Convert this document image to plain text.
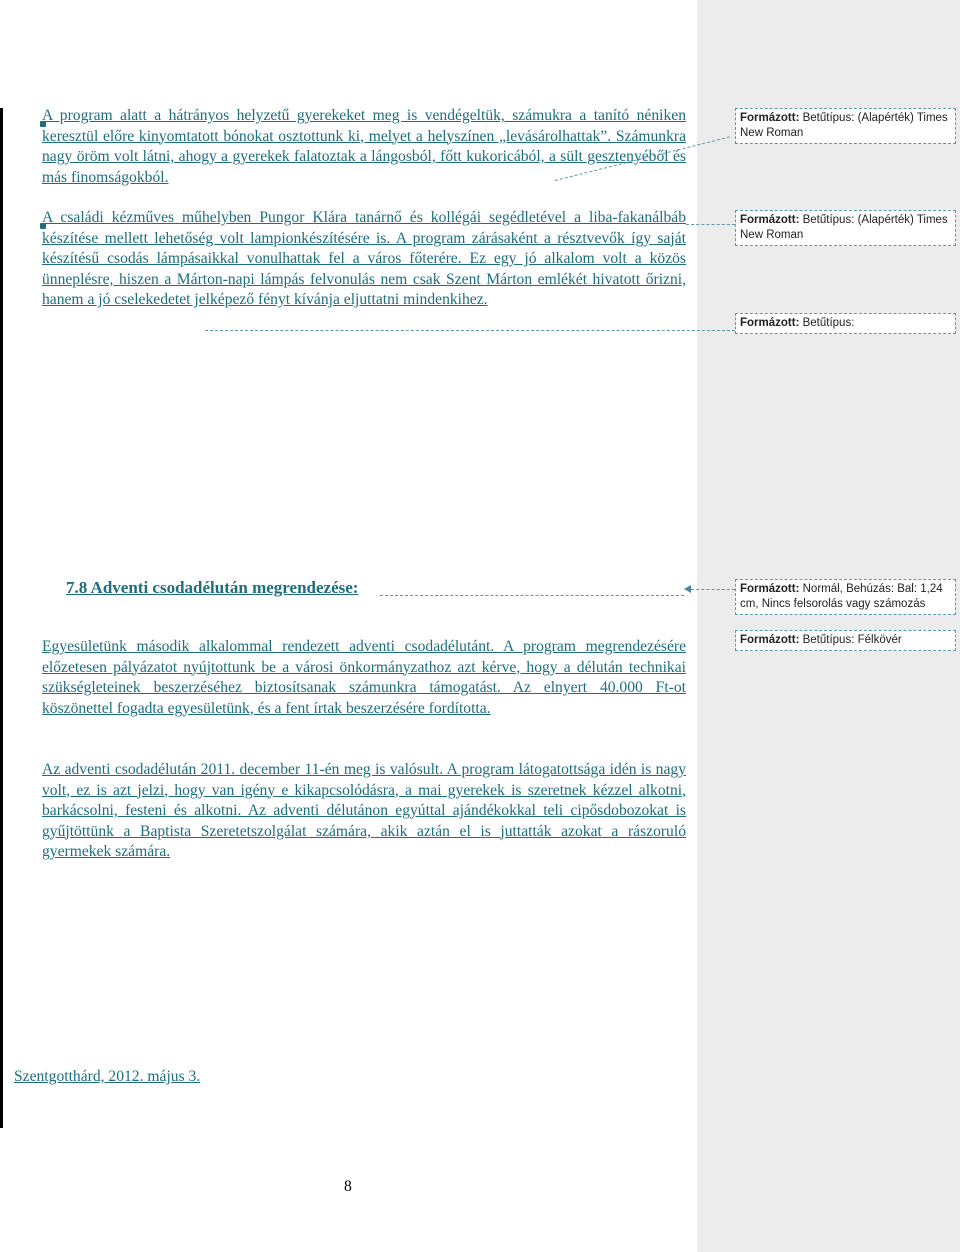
A program alatt a hátrányos helyzetű gyerekeket meg is vendégeltük, számukra a tanító néniken keresztül előre kinyomtatott bónokat osztottunk ki, melyet a helyszínen „levásárolhattak”. Számunkra nagy öröm volt látni, ahogy a gyerekek falatoztak a lángosból, főtt kukoricából, a sült gesztenyéből és más finomságokból.

A családi kézműves műhelyben Pungor Klára tanárnő és kollégái segédletével a liba-fakanálbáb készítése mellett lehetőség volt lampionkészítésére is. A program zárásaként a résztvevők így saját készítésű csodás lámpásaikkal vonulhattak fel a város főterére. Ez egy jó alkalom volt a közös ünneplésre, hiszen a Márton-napi lámpás felvonulás nem csak Szent Márton emlékét hivatott őrizni, hanem a jó cselekedetet jelképező fényt kívánja eljuttatni mindenkihez.

7.8 Adventi csodadélután megrendezése:

Egyesületünk második alkalommal rendezett adventi csodadélutánt. A program megrendezésére előzetesen pályázatot nyújtottunk be a városi önkormányzathoz azt kérve, hogy a délután technikai szükségleteinek beszerzéséhez biztosítsanak számunkra támogatást. Az elnyert 40.000 Ft-ot köszönettel fogadta egyesületünk, és a fent írtak beszerzésére fordította.

Az adventi csodadélután 2011. december 11-én meg is valósult. A program látogatottsága idén is nagy volt, ez is azt jelzi, hogy van igény e kikapcsolódásra, a mai gyerekek is szeretnek kézzel alkotni, barkácsolni, festeni és alkotni. Az adventi délutánon egyúttal ajándékokkal teli cipősdobozokat is gyűjtöttünk a Baptista Szeretetszolgálat számára, akik aztán el is juttatták azokat a rászoruló gyermekek számára.

Szentgotthárd, 2012. május 3.
8
Formázott: Betűtípus: (Alapérték) Times New Roman
Formázott: Betűtípus: (Alapérték) Times New Roman
Formázott: Betűtípus:
Formázott: Normál, Behúzás: Bal: 1,24 cm, Nincs felsorolás vagy számozás
Formázott: Betűtípus: Félkövér
